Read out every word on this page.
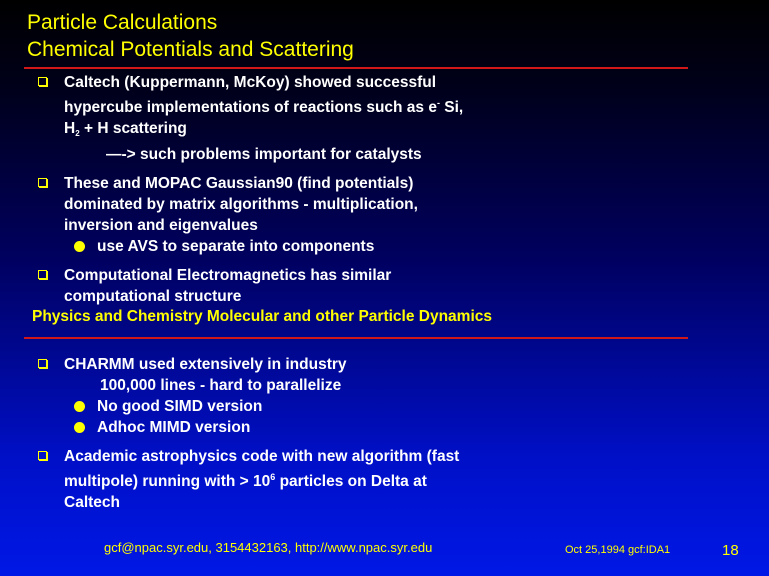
Particle Calculations
Chemical Potentials and Scattering
Caltech (Kuppermann, McKoy) showed successful
hypercube implementations of reactions such as e- Si,
H2 + H scattering
—-> such problems important for catalysts
These and MOPAC Gaussian90 (find potentials)
dominated by matrix algorithms - multiplication,
inversion and eigenvalues
use AVS to separate into components
Computational Electromagnetics has similar
computational structure
Physics and Chemistry Molecular and other Particle Dynamics
CHARMM used extensively in industry
100,000 lines - hard to parallelize
No good SIMD version
Adhoc MIMD version
Academic astrophysics code with new algorithm (fast
multipole) running with > $10^6$ particles on Delta at
Caltech
gcf@npac.syr.edu, 3154432163, http://www.npac.syr.edu	Oct 25,1994 gcf:IDA1	18
